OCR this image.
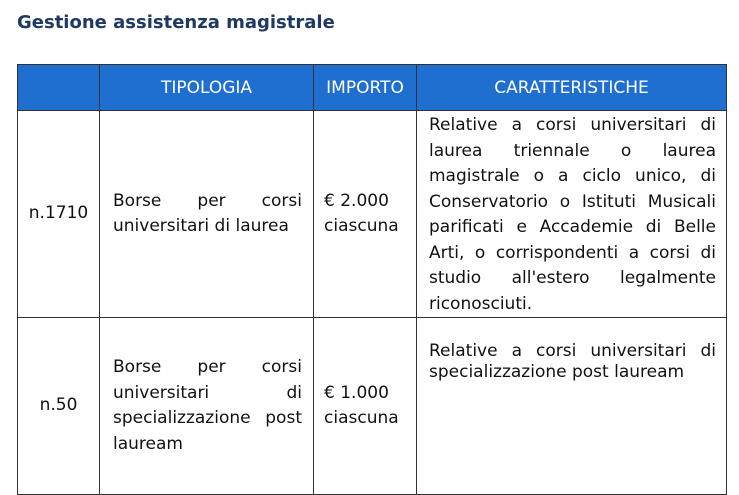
Gestione assistenza magistrale
	TIPOLOGIA	IMPORTO	CARATTERISTICHE
n.1710	Borse per corsi universitari di laurea	€ 2.000 ciascuna	Relative a corsi universitari di laurea triennale o laurea magistrale o a ciclo unico, di Conservatorio o Istituti Musicali parificati e Accademie di Belle Arti, o corrispondenti a corsi di studio all'estero legalmente riconosciuti.
n.50	Borse per corsi universitari di specializzazione post lauream	€ 1.000 ciascuna	Relative a corsi universitari di specializzazione post lauream
